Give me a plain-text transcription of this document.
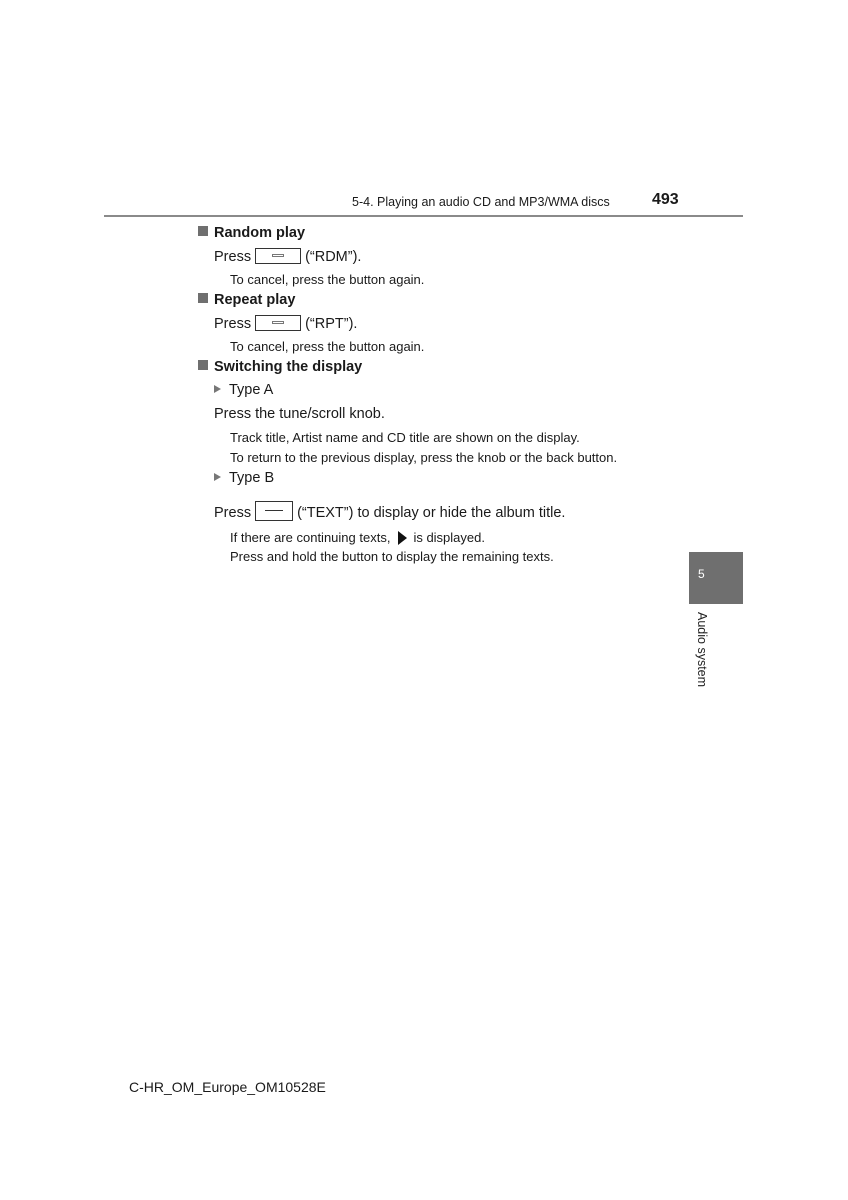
5-4. Playing an audio CD and MP3/WMA discs	493
Random play
Press	(“RDM”).
To cancel, press the button again.
Repeat play
Press	(“RPT”).
To cancel, press the button again.
Switching the display
Type A
Press the tune/scroll knob.
Track title, Artist name and CD title are shown on the display.
To return to the previous display, press the knob or the back button.
Type B
Press	(“TEXT”) to display or hide the album title.
If there are continuing texts, is displayed.
Press and hold the button to display the remaining texts.
5
Audio system
C-HR_OM_Europe_OM10528E
